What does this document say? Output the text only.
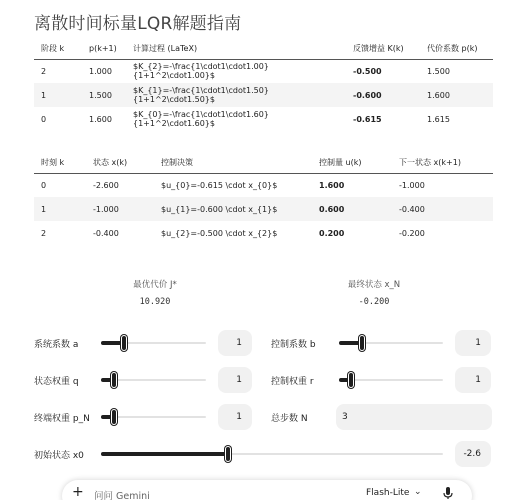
离散时间标量LQR解题指南
阶段 k	p(k+1)	计算过程 (LaTeX)	反馈增益 K(k)	代价系数 p(k)
2	1.000	$K_{2}=-\frac{1\cdot1\cdot1.00}{1+1^2\cdot1.00}$	-0.500	1.500
1	1.500	$K_{1}=-\frac{1\cdot1\cdot1.50}{1+1^2\cdot1.50}$	-0.600	1.600
0	1.600	$K_{0}=-\frac{1\cdot1\cdot1.60}{1+1^2\cdot1.60}$	-0.615	1.615
时刻 k	状态 x(k)	控制决策	控制量 u(k)	下一状态 x(k+1)
0	-2.600	$u_{0}=-0.615 \cdot x_{0}$	1.600	-1.000
1	-1.000	$u_{1}=-0.600 \cdot x_{1}$	0.600	-0.400
2	-0.400	$u_{2}=-0.500 \cdot x_{2}$	0.200	-0.200
最优代价 J*
10.920
最终状态 x_N
-0.200
系统系数 a	1	控制系数 b	1
状态权重 q	1	控制权重 r	1
终端权重 p_N	1	总步数 N	3
初始状态 x0	-2.6
+ 问问 Gemini	Flash-Lite ⌄
